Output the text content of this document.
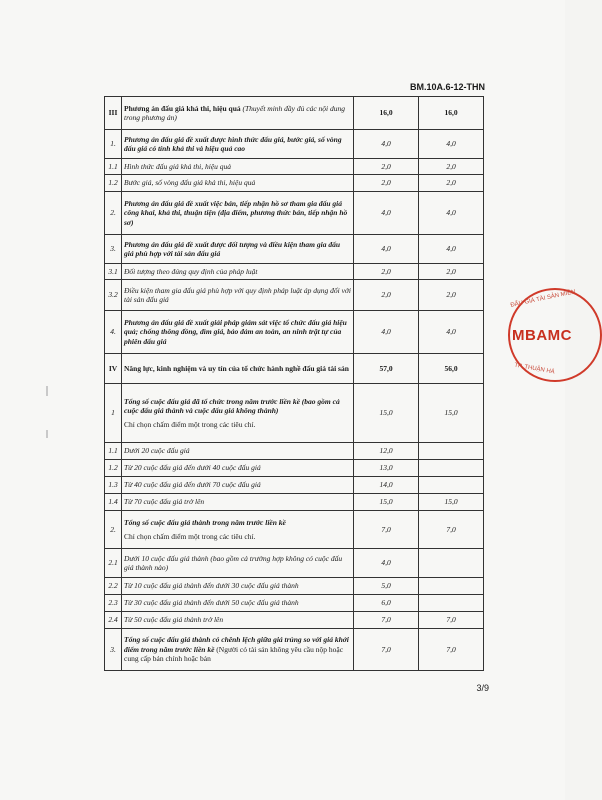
BM.10A.6-12-THN
III	Phương án đấu giá khả thi, hiệu quả (Thuyết minh đầy đủ các nội dung trong phương án)	16,0	16,0
1.	Phương án đấu giá đề xuất được hình thức đấu giá, bước giá, số vòng đấu giá có tính khả thi và hiệu quả cao	4,0	4,0
1.1	Hình thức đấu giá khả thi, hiệu quả	2,0	2,0
1.2	Bước giá, số vòng đấu giá khả thi, hiệu quả	2,0	2,0
2.	Phương án đấu giá đề xuất việc bán, tiếp nhận hồ sơ tham gia đấu giá công khai, khả thi, thuận tiện (địa điểm, phương thức bán, tiếp nhận hồ sơ)	4,0	4,0
3.	Phương án đấu giá đề xuất được đối tượng và điều kiện tham gia đấu giá phù hợp với tài sản đấu giá	4,0	4,0
3.1	Đối tượng theo đúng quy định của pháp luật	2,0	2,0
3.2	Điều kiện tham gia đấu giá phù hợp với quy định pháp luật áp dụng đối với tài sản đấu giá	2,0	2,0
4.	Phương án đấu giá đề xuất giải pháp giám sát việc tổ chức đấu giá hiệu quả; chống thông đồng, dìm giá, bảo đảm an toàn, an ninh trật tự của phiên đấu giá	4,0	4,0
IV	Năng lực, kinh nghiệm và uy tín của tổ chức hành nghề đấu giá tài sản	57,0	56,0
1	Tổng số cuộc đấu giá đã tổ chức trong năm trước liền kề (bao gồm cả cuộc đấu giá thành và cuộc đấu giá không thành)
Chỉ chọn chấm điểm một trong các tiêu chí.	15,0	15,0
1.1	Dưới 20 cuộc đấu giá	12,0	
1.2	Từ 20 cuộc đấu giá đến dưới 40 cuộc đấu giá	13,0	
1.3	Từ 40 cuộc đấu giá đến dưới 70 cuộc đấu giá	14,0	
1.4	Từ 70 cuộc đấu giá trở lên	15,0	15,0
2.	Tổng số cuộc đấu giá thành trong năm trước liền kề
Chỉ chọn chấm điểm một trong các tiêu chí.	7,0	7,0
2.1	Dưới 10 cuộc đấu giá thành (bao gồm cả trường hợp không có cuộc đấu giá thành nào)	4,0	
2.2	Từ 10 cuộc đấu giá thành đến dưới 30 cuộc đấu giá thành	5,0	
2.3	Từ 30 cuộc đấu giá thành đến dưới 50 cuộc đấu giá thành	6,0	
2.4	Từ 50 cuộc đấu giá thành trở lên	7,0	7,0
3.	Tổng số cuộc đấu giá thành có chênh lệch giữa giá trúng so với giá khởi điểm trong năm trước liền kề (Người có tài sản không yêu cầu nộp hoặc cung cấp bản chính hoặc bản	7,0	7,0
3/9
ĐẤU GIÁ TÀI SẢN MIỀN
MBAMC
TP. THUẬN HÀ
